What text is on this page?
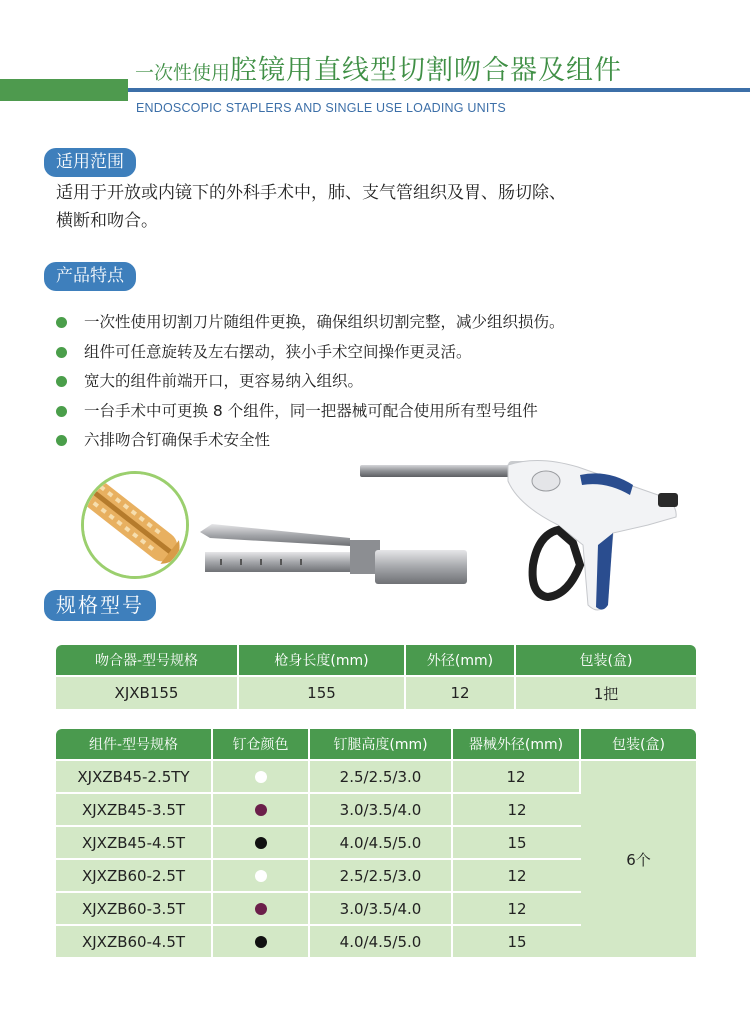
一次性使用腔镜用直线型切割吻合器及组件
ENDOSCOPIC STAPLERS AND SINGLE USE LOADING UNITS
适用范围
适用于开放或内镜下的外科手术中，肺、支气管组织及胃、肠切除、
横断和吻合。
产品特点
一次性使用切割刀片随组件更换，确保组织切割完整，减少组织损伤。
组件可任意旋转及左右摆动，狭小手术空间操作更灵活。
宽大的组件前端开口，更容易纳入组织。
一台手术中可更换 8 个组件，同一把器械可配合使用所有型号组件
六排吻合钉确保手术安全性
规格型号
吻合器-型号规格	枪身长度(mm)	外径(mm)	包装(盒)
XJXB155	155	12	1把
组件-型号规格	钉仓颜色	钉腿高度(mm)	器械外径(mm)	包装(盒)
XJXZB45-2.5TY		2.5/2.5/3.0	12	6个
XJXZB45-3.5T		3.0/3.5/4.0	12	
XJXZB45-4.5T		4.0/4.5/5.0	15	
XJXZB60-2.5T		2.5/2.5/3.0	12	
XJXZB60-3.5T		3.0/3.5/4.0	12	
XJXZB60-4.5T		4.0/4.5/5.0	15	
